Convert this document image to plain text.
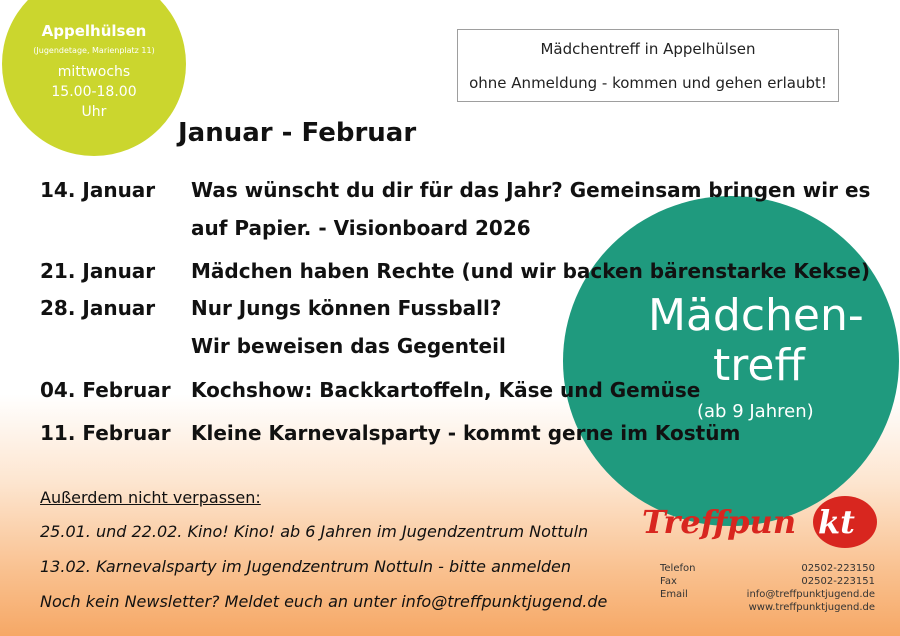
Appelhülsen
(Jugendetage, Marienplatz 11)
mittwochs
15.00-18.00
Uhr
Mädchentreff in Appelhülsen
ohne Anmeldung - kommen und gehen erlaubt!
Januar - Februar
Mädchen-
treff
(ab 9 Jahren)
14. Januar Was wünscht du dir für das Jahr? Gemeinsam bringen wir es
auf Papier. - Visionboard 2026
21. Januar Mädchen haben Rechte (und wir backen bärenstarke Kekse)
28. Januar Nur Jungs können Fussball?
Wir beweisen das Gegenteil
04. Februar Kochshow: Backkartoffeln, Käse und Gemüse
11. Februar Kleine Karnevalsparty - kommt gerne im Kostüm
Außerdem nicht verpassen:
25.01. und 22.02. Kino! Kino! ab 6 Jahren im Jugendzentrum Nottuln
13.02. Karnevalsparty im Jugendzentrum Nottuln - bitte anmelden
Noch kein Newsletter? Meldet euch an unter info@treffpunktjugend.de
Treffpun kt
Telefon
Fax
Email
02502-223150
02502-223151
info@treffpunktjugend.de
www.treffpunktjugend.de
